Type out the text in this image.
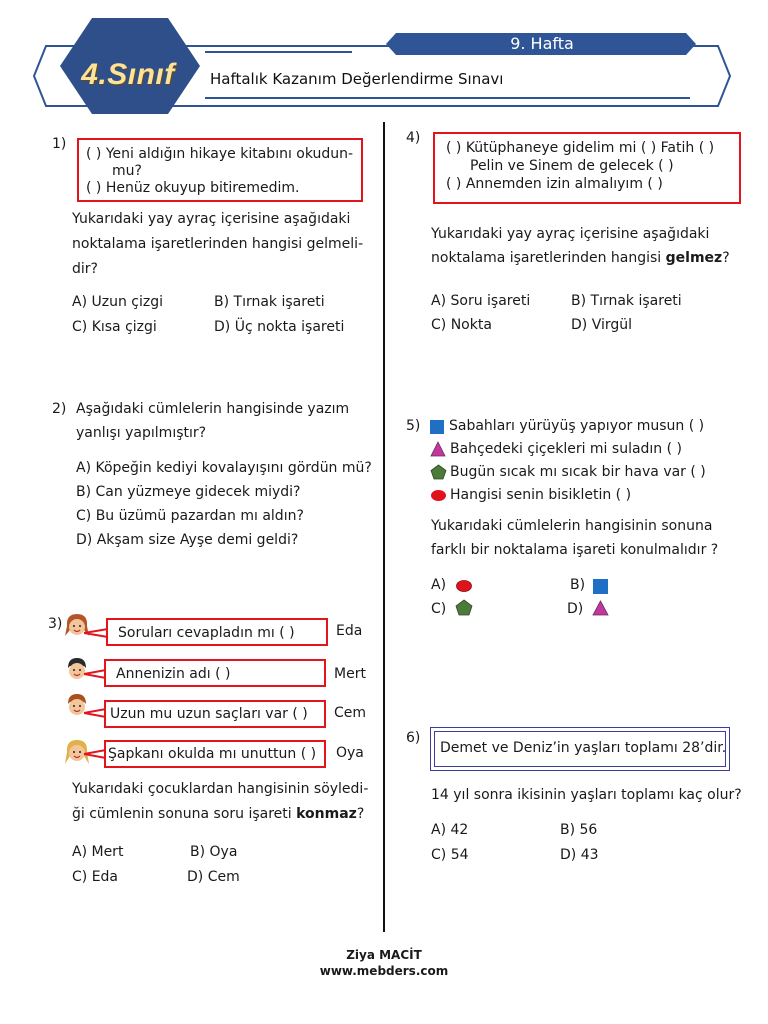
9. Hafta
4.Sınıf	Haftalık Kazanım Değerlendirme Sınavı
1)
( ) Yeni aldığın hikaye kitabını okudun-
mu?
( ) Henüz okuyup bitiremedim.
Yukarıdaki yay ayraç içerisine aşağıdaki
noktalama işaretlerinden hangisi gelmeli-
dir?
A) Uzun çizgi	B) Tırnak işareti
C) Kısa çizgi	D) Üç nokta işareti
2) Aşağıdaki cümlelerin hangisinde yazım
yanlışı yapılmıştır?
A) Köpeğin kediyi kovalayışını gördün mü?
B) Can yüzmeye gidecek miydi?
C) Bu üzümü pazardan mı aldın?
D) Akşam size Ayşe demi geldi?
3)
Soruları cevapladın mı ( )	Eda
Annenizin adı ( )	Mert
Uzun mu uzun saçları var ( ) Cem
Şapkanı okulda mı unuttun ( ) Oya
Yukarıdaki çocuklardan hangisinin söyledi-
ği cümlenin sonuna soru işareti konmaz?
A) Mert	B) Oya
C) Eda	D) Cem
4)
( ) Kütüphaneye gidelim mi ( ) Fatih ( )
Pelin ve Sinem de gelecek ( )
( ) Annemden izin almalıyım ( )
Yukarıdaki yay ayraç içerisine aşağıdaki
noktalama işaretlerinden hangisi gelmez?
A) Soru işareti	B) Tırnak işareti
C) Nokta	D) Virgül
5) Sabahları yürüyüş yapıyor musun ( )
Bahçedeki çiçekleri mi suladın ( )
Bugün sıcak mı sıcak bir hava var ( )
Hangisi senin bisikletin ( )
Yukarıdaki cümlelerin hangisinin sonuna
farklı bir noktalama işareti konulmalıdır ?
A)	B)
C)	D)
6)
Demet ve Deniz’in yaşları toplamı 28’dir.
14 yıl sonra ikisinin yaşları toplamı kaç olur?
A) 42	B) 56
C) 54	D) 43
Ziya MACİT
www.mebders.com
